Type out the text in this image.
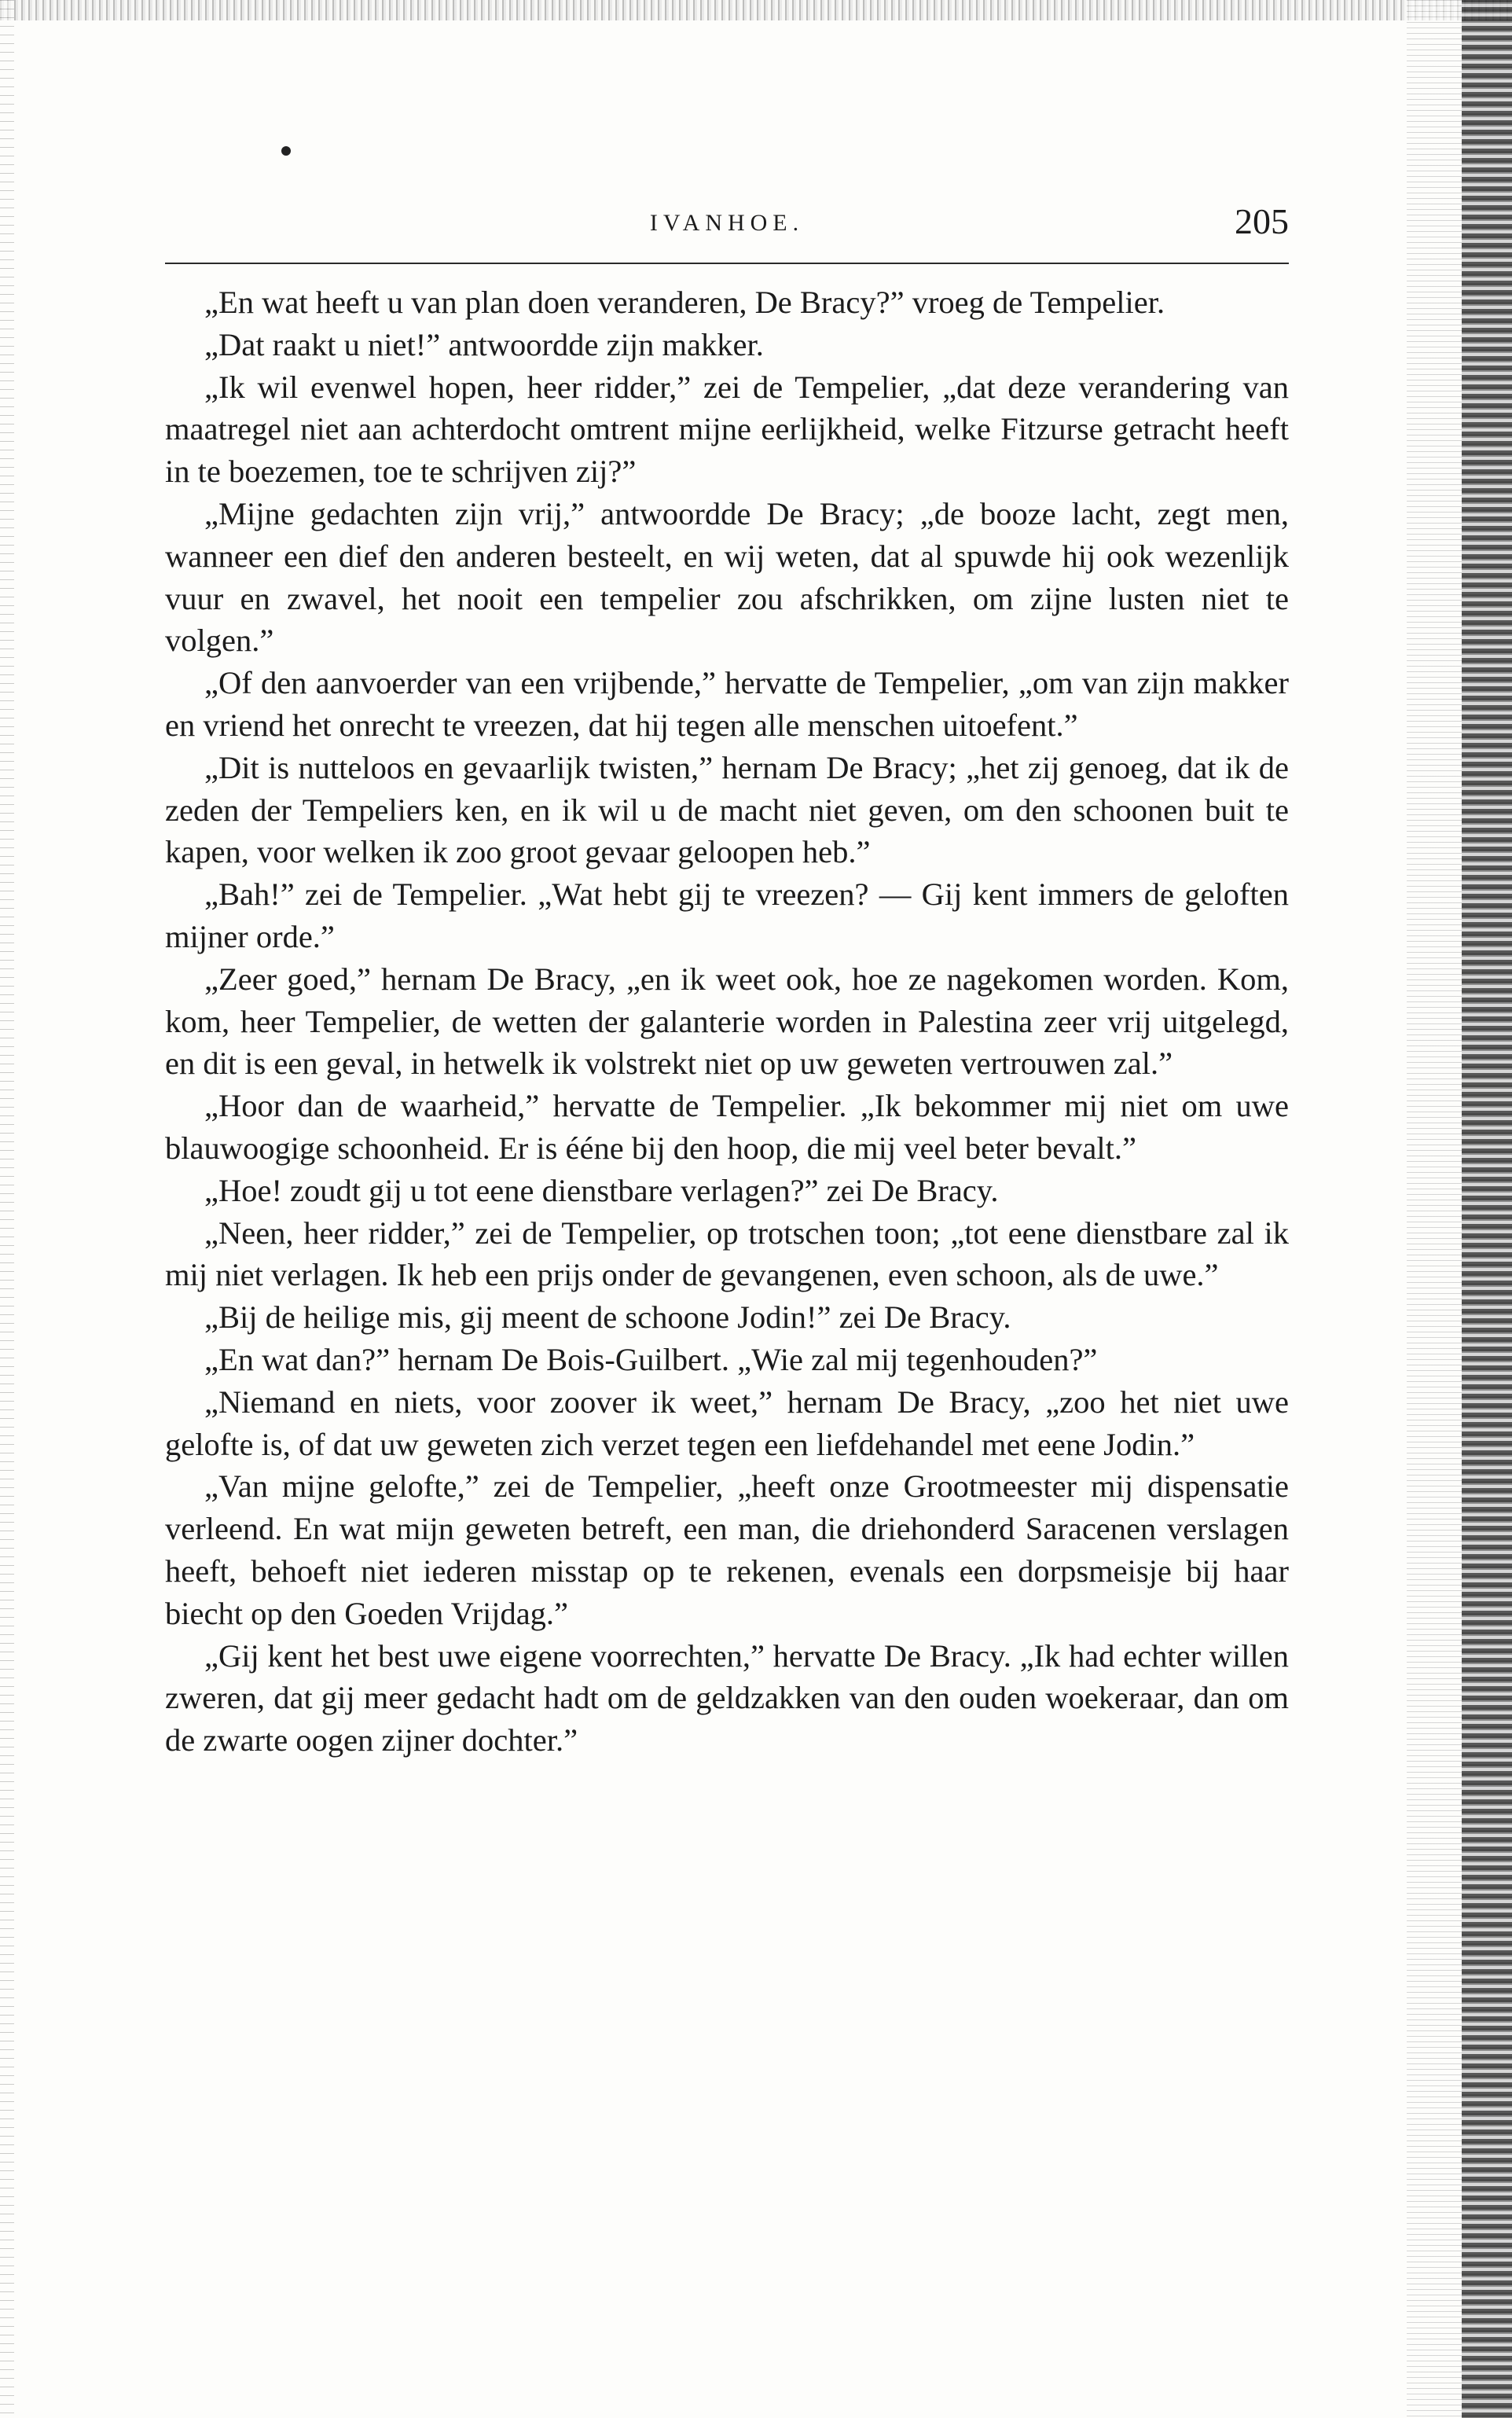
IVANHOE.	205

„En wat heeft u van plan doen veranderen, De Bracy?” vroeg de Tempelier.

„Dat raakt u niet!” antwoordde zijn makker.

„Ik wil evenwel hopen, heer ridder,” zei de Tempelier, „dat deze verandering van maatregel niet aan achterdocht omtrent mijne eerlijkheid, welke Fitzurse getracht heeft in te boezemen, toe te schrijven zij?”

„Mijne gedachten zijn vrij,” antwoordde De Bracy; „de booze lacht, zegt men, wanneer een dief den anderen besteelt, en wij weten, dat al spuwde hij ook wezenlijk vuur en zwavel, het nooit een tempelier zou afschrikken, om zijne lusten niet te volgen.”

„Of den aanvoerder van een vrijbende,” hervatte de Tempelier, „om van zijn makker en vriend het onrecht te vreezen, dat hij tegen alle menschen uitoefent.”

„Dit is nutteloos en gevaarlijk twisten,” hernam De Bracy; „het zij genoeg, dat ik de zeden der Tempeliers ken, en ik wil u de macht niet geven, om den schoonen buit te kapen, voor welken ik zoo groot gevaar geloopen heb.”

„Bah!” zei de Tempelier. „Wat hebt gij te vreezen? — Gij kent immers de geloften mijner orde.”

„Zeer goed,” hernam De Bracy, „en ik weet ook, hoe ze nagekomen worden. Kom, kom, heer Tempelier, de wetten der galanterie worden in Palestina zeer vrij uitgelegd, en dit is een geval, in hetwelk ik volstrekt niet op uw geweten vertrouwen zal.”

„Hoor dan de waarheid,” hervatte de Tempelier. „Ik bekommer mij niet om uwe blauwoogige schoonheid. Er is ééne bij den hoop, die mij veel beter bevalt.”

„Hoe! zoudt gij u tot eene dienstbare verlagen?” zei De Bracy.

„Neen, heer ridder,” zei de Tempelier, op trotschen toon; „tot eene dienstbare zal ik mij niet verlagen. Ik heb een prijs onder de gevangenen, even schoon, als de uwe.”

„Bij de heilige mis, gij meent de schoone Jodin!” zei De Bracy.

„En wat dan?” hernam De Bois-Guilbert. „Wie zal mij tegenhouden?”

„Niemand en niets, voor zoover ik weet,” hernam De Bracy, „zoo het niet uwe gelofte is, of dat uw geweten zich verzet tegen een liefdehandel met eene Jodin.”

„Van mijne gelofte,” zei de Tempelier, „heeft onze Grootmeester mij dispensatie verleend. En wat mijn geweten betreft, een man, die driehonderd Saracenen verslagen heeft, behoeft niet iederen misstap op te rekenen, evenals een dorpsmeisje bij haar biecht op den Goeden Vrijdag.”

„Gij kent het best uwe eigene voorrechten,” hervatte De Bracy. „Ik had echter willen zweren, dat gij meer gedacht hadt om de geldzakken van den ouden woekeraar, dan om de zwarte oogen zijner dochter.”
